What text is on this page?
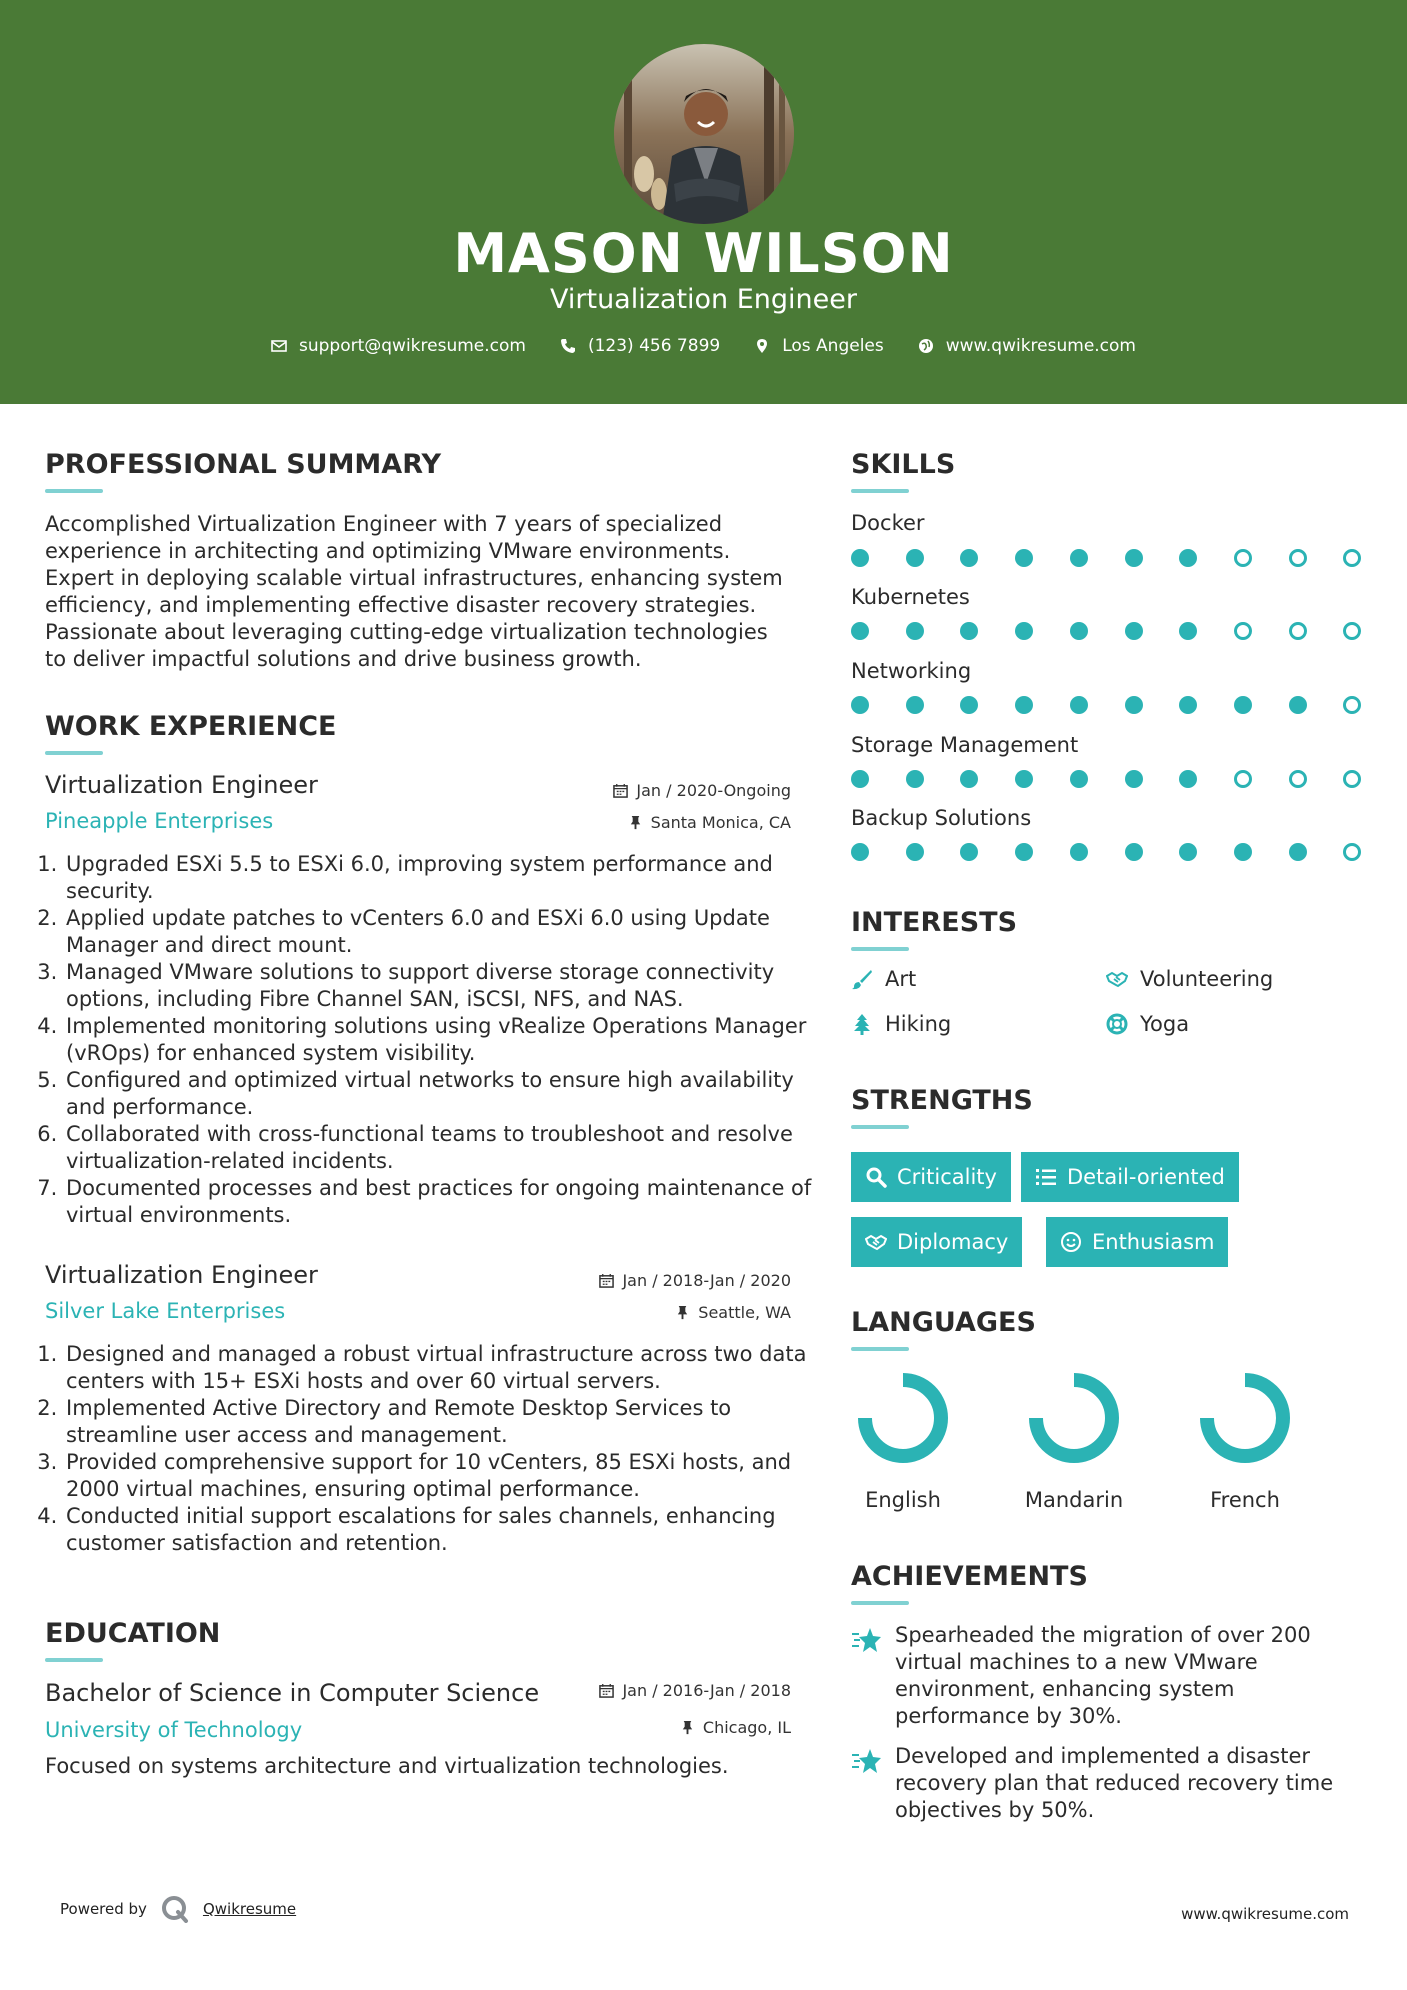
MASON WILSON
Virtualization Engineer
support@qwikresume.com	(123) 456 7899	Los Angeles	www.qwikresume.com
PROFESSIONAL SUMMARY
Accomplished Virtualization Engineer with 7 years of specialized
experience in architecting and optimizing VMware environments.
Expert in deploying scalable virtual infrastructures, enhancing system
efficiency, and implementing effective disaster recovery strategies.
Passionate about leveraging cutting-edge virtualization technologies
to deliver impactful solutions and drive business growth.
WORK EXPERIENCE
Virtualization Engineer	Jan / 2020-Ongoing
Pineapple Enterprises	Santa Monica, CA
1. Upgraded ESXi 5.5 to ESXi 6.0, improving system performance and security.
2. Applied update patches to vCenters 6.0 and ESXi 6.0 using Update Manager and direct mount.
3. Managed VMware solutions to support diverse storage connectivity options, including Fibre Channel SAN, iSCSI, NFS, and NAS.
4. Implemented monitoring solutions using vRealize Operations Manager (vROps) for enhanced system visibility.
5. Configured and optimized virtual networks to ensure high availability and performance.
6. Collaborated with cross-functional teams to troubleshoot and resolve virtualization-related incidents.
7. Documented processes and best practices for ongoing maintenance of virtual environments.
Virtualization Engineer	Jan / 2018-Jan / 2020
Silver Lake Enterprises	Seattle, WA
1. Designed and managed a robust virtual infrastructure across two data centers with 15+ ESXi hosts and over 60 virtual servers.
2. Implemented Active Directory and Remote Desktop Services to streamline user access and management.
3. Provided comprehensive support for 10 vCenters, 85 ESXi hosts, and 2000 virtual machines, ensuring optimal performance.
4. Conducted initial support escalations for sales channels, enhancing customer satisfaction and retention.
EDUCATION
Bachelor of Science in Computer Science	Jan / 2016-Jan / 2018
University of Technology	Chicago, IL
Focused on systems architecture and virtualization technologies.
SKILLS
Docker
Kubernetes
Networking
Storage Management
Backup Solutions
INTERESTS
Art	Volunteering
Hiking	Yoga
STRENGTHS
Criticality	Detail-oriented
Diplomacy	Enthusiasm
LANGUAGES
English	Mandarin	French
ACHIEVEMENTS
Spearheaded the migration of over 200
virtual machines to a new VMware
environment, enhancing system
performance by 30%.
Developed and implemented a disaster
recovery plan that reduced recovery time
objectives by 50%.
Powered by	Qwikresume	www.qwikresume.com
